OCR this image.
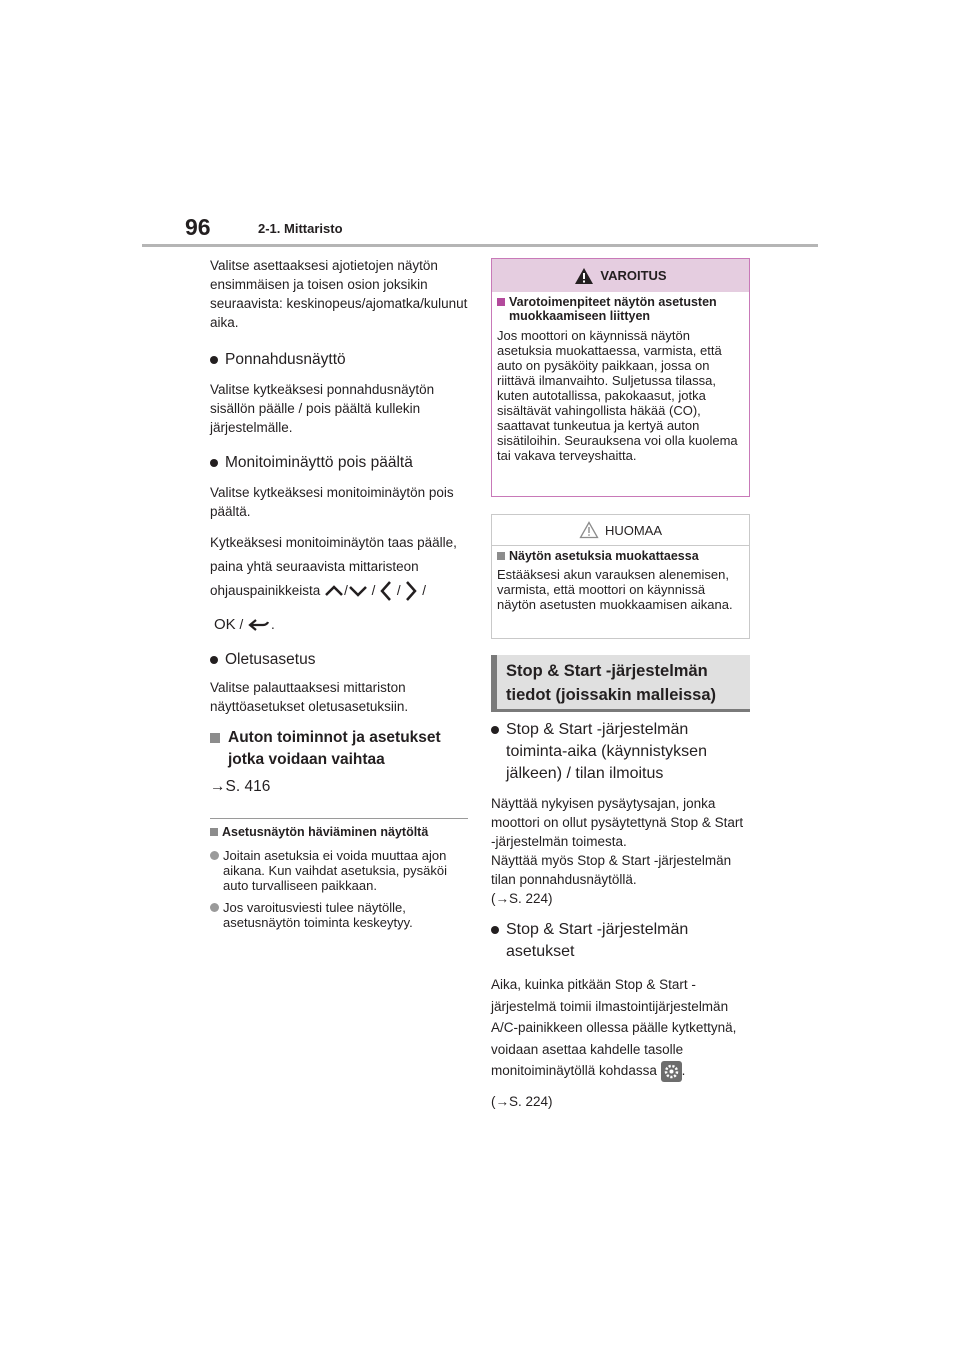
96	2-1. Mittaristo

Valitse asettaaksesi ajotietojen näytön ensimmäisen ja toisen osion joksikin seuraavista: keskinopeus/ajomatka/kulunut aika.

Ponnahdusnäyttö

Valitse kytkeäksesi ponnahdusnäytön sisällön päälle / pois päältä kullekin järjestelmälle.

Monitoiminäyttö pois päältä

Valitse kytkeäksesi monitoiminäytön pois päältä.

Kytkeäksesi monitoiminäytön taas päälle, paina yhtä seuraavista mittaristeon ohjauspainikkeista / / / /

OK / .

Oletusasetus

Valitse palauttaaksesi mittariston näyttöasetukset oletusasetuksiin.

Auton toiminnot ja asetukset jotka voidaan vaihtaa

→S. 416

Asetusnäytön häviäminen näytöltä
Joitain asetuksia ei voida muuttaa ajon aikana. Kun vaihdat asetuksia, pysäköi auto turvalliseen paikkaan.
Jos varoitusviesti tulee näytölle, asetusnäytön toiminta keskeytyy.
VAROITUS
Varotoimenpiteet näytön asetusten muokkaamiseen liittyen

Jos moottori on käynnissä näytön asetuksia muokattaessa, varmista, että auto on pysäköity paikkaan, jossa on riittävä ilmanvaihto. Suljetussa tilassa, kuten autotallissa, pakokaasut, jotka sisältävät vahingollista häkää (CO), saattavat tunkeutua ja kertyä auton sisätiloihin. Seurauksena voi olla kuolema tai vakava terveyshaitta.

HUOMAA
Näytön asetuksia muokattaessa

Estääksesi akun varauksen alenemisen, varmista, että moottori on käynnissä näytön asetusten muokkaamisen aikana.

Stop & Start -järjestelmän tiedot (joissakin malleissa)
Stop & Start -järjestelmän toiminta-aika (käynnistyksen jälkeen) / tilan ilmoitus

Näyttää nykyisen pysäytysajan, jonka moottori on ollut pysäytettynä Stop & Start -järjestelmän toimesta.

Näyttää myös Stop & Start -järjestelmän tilan ponnahdusnäytöllä.

(→S. 224)

Stop & Start -järjestelmän asetukset

Aika, kuinka pitkään Stop & Start -järjestelmä toimii ilmastointijärjestelmän A/C-painikkeen ollessa päälle kytkettynä, voidaan asettaa kahdelle tasolle monitoiminäytöllä kohdassa .

(→S. 224)
